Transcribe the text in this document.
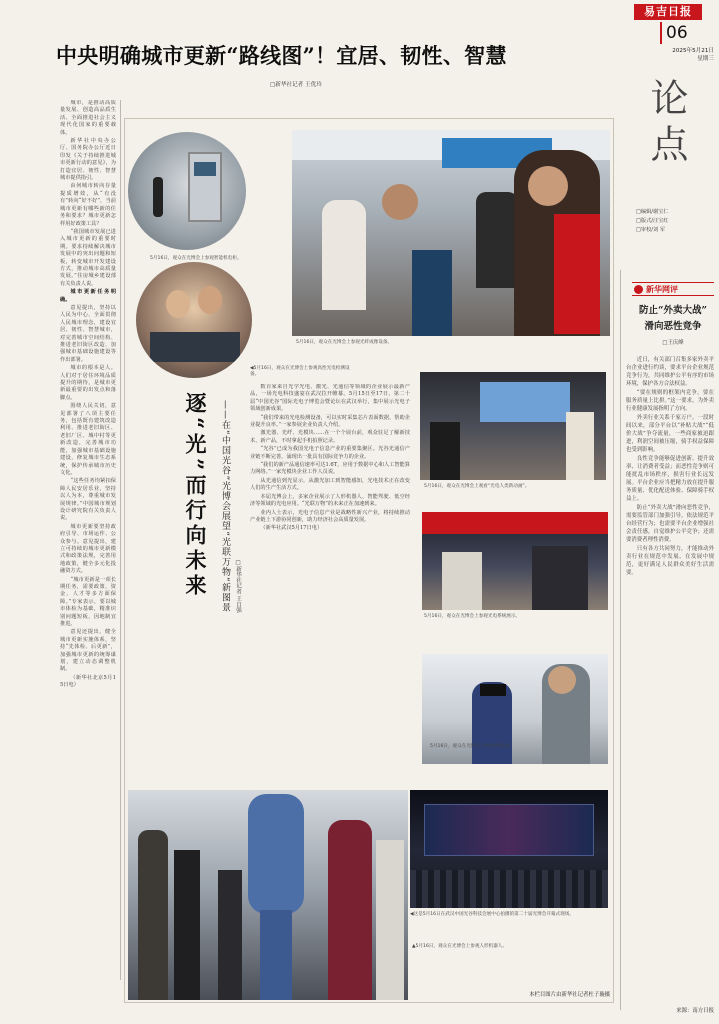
易吉日报
06
2025年5月21日
星期三
论点
□编辑/谢宝仁
□版式/汪宝红
□审校/刘 军
中央明确城市更新“路线图”！宜居、韧性、智慧
□新华社记者 王优玲

城市，是推动高质量发展、创造高品质生活、全面推进社会主义现代化国家的重要载体。

新华社中央办公厅、国务院办公厅近日印发《关于持续推进城市更新行动的意见》，为打造宜居、韧性、智慧城市提供指引。

由何城市转向存量提质增效，从“有没有”转向“好不好”，当前城市更新有哪些新的任务和要求？城市更新怎样用好政策工具？

“我国城市发展已进入城市更新的重要时期。要求持续解决城市发展中的突出问题和短板，转变城市开发建设方式，推动城市高质量发展。”住房城乡建设部有关负责人说。

城市更新任务明确。

意见提出，坚持以人民为中心，全面贯彻人民城市理念，建设宜居、韧性、智慧城市，对完善城市空间结构、推进老旧街区改造、加强城市基础设施建设等作出部署。

城市的根本是人。人们对于居住环境品质提升的期待，是城市更新最重要的出发点和落脚点。

围绕人民关切，意见部署了八项主要任务，包括既有建筑改造利用、推进老旧街区、老旧厂区、城中村等更新改造，完善城市功能，加强城市基础设施建设，修复城市生态系统，保护传承城市历史文化。

“这些任务均紧扣保障人民安居乐业，坚持以人为本，尊重城市发展规律。”中国城市规划设计研究院有关负责人说。

城市更新要坚持政府引导、市场运作、公众参与。意见提出，建立可持续的城市更新模式和政策法规，完善用地政策，健全多元化投融资方式。

“城市更新是一项长期任务，需要政策、资金、人才等多方面保障。”专家表示，要以城市体检为基础，精准识别问题短板，因地制宜推进。

意见还提出，健全城市更新实施体系，坚持“先体检、后更新”，加强城市更新的统筹谋划，建立动态调整机制。

（新华社北京5月15日电）

5月16日，观众在光博会上参观智能机电柜。
5月16日，观众在光博会上参观光纤成像设备。
逐“光”而行向未来	——在“中国光谷”光博会展望“光联万物”新图景 □新华社记者 王自强
◀5月16日，观众在光博会上参观高性光电检测设备。

数百家来自光学光电、激光、光通信等领域的企业展示最新产品，一场光电科技盛宴在武汉拉开帷幕。5月15日至17日，第二十届“中国光谷”国际光电子博览会暨论坛在武汉举行，集中展示光电子领域创新成果。

“我们带来的光电检测设备，可以实时采集芯片表面数据，帮助企业提升良率。”一家参展企业负责人介绍。

激光器、光纤、光模块……在一个个展台前，观众驻足了解新技术、新产品，不时拿起手机拍照记录。

“光谷”已成为我国光电子信息产业的重要集聚区。光谷光通信产业链不断完善，涌现出一批具有国际竞争力的企业。

“我们的新产品通信速率可达1.6T，应用于数据中心和人工智能算力网络。”一家光模块企业工作人员说。

从光通信到光显示，从激光加工到智能感知，光电技术正在改变人们的生产生活方式。

本届光博会上，多家企业展示了人形机器人、智能驾驶、低空经济等领域的光电应用。“光联万物”的未来正在加速到来。

业内人士表示，光电子信息产业是战略性新兴产业，将持续推动产业链上下游协同创新，助力经济社会高质量发展。

（新华社武汉5月17日电）

5月16日，观众在光博会上观看“光电人类新动画”。
5月16日，观众在光博会上参观光电系统展示。
5月16日，观众在光博会上体验VR设备。
◀这是5月16日在武汉中国光谷科技会展中心拍摄的第二十届光博会开幕式现场。
▲5月16日，观众在光博会上参观人形机器人。
本栏目图片由新华社记者杜子璇摄
新华网评
防止“外卖大战”
滑向恶性竞争
□王庆峰

近日，有关部门召集多家外卖平台企业进行约谈，要求平台企业规范竞争行为，共同维护公平有序的市场环境，保护各方合法权益。

“要在规则的框架内竞争，要在服务质量上比拼。”这一要求，为外卖行业健康发展指明了方向。

外卖行业关系千家万户。一段时间以来，部分平台以“补贴大战”“低价大战”争夺流量，一些商家被迫跟进，利润空间被压缩，骑手权益保障也受到影响。

良性竞争能够促进创新、提升效率、让消费者受益；而恶性竞争则可能扰乱市场秩序，损害行业长远发展。平台企业应当把精力放在提升服务质量、优化配送体验、保障骑手权益上。

防止“外卖大战”滑向恶性竞争，需要监管部门加强引导，依法规范平台经营行为；也需要平台企业增强社会责任感，自觉维护公平竞争；还需要消费者理性消费。

只有各方共同努力，才能推动外卖行业在规范中发展、在发展中规范，更好满足人民群众美好生活需要。

来源：南方日报
